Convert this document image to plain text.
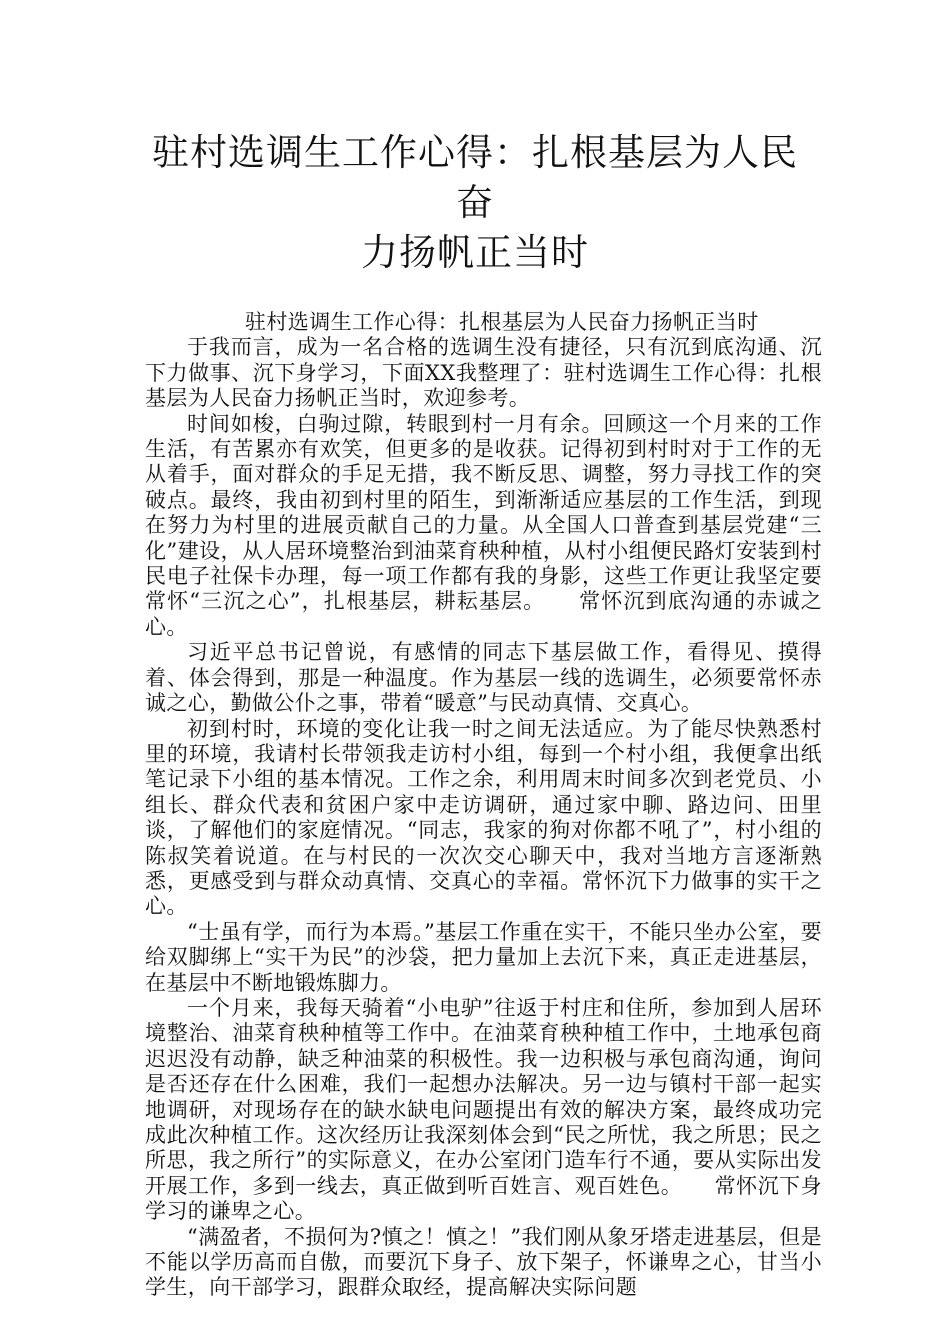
驻村选调生工作心得：扎根基层为人民奋
力扬帆正当时

驻村选调生工作心得：扎根基层为人民奋力扬帆正当时

于我而言，成为一名合格的选调生没有捷径，只有沉到底沟通、沉下力做事、沉下身学习，下面XX我整理了：驻村选调生工作心得：扎根基层为人民奋力扬帆正当时，欢迎参考。

时间如梭，白驹过隙，转眼到村一月有余。回顾这一个月来的工作生活，有苦累亦有欢笑，但更多的是收获。记得初到村时对于工作的无从着手，面对群众的手足无措，我不断反思、调整，努力寻找工作的突破点。最终，我由初到村里的陌生，到渐渐适应基层的工作生活，到现在努力为村里的进展贡献自己的力量。从全国人口普查到基层党建“三化”建设，从人居环境整治到油菜育秧种植，从村小组便民路灯安装到村民电子社保卡办理，每一项工作都有我的身影，这些工作更让我坚定要常怀“三沉之心”，扎根基层，耕耘基层。　　常怀沉到底沟通的赤诚之心。

习近平总书记曾说，有感情的同志下基层做工作，看得见、摸得着、体会得到，那是一种温度。作为基层一线的选调生，必须要常怀赤诚之心，勤做公仆之事，带着“暖意”与民动真情、交真心。

初到村时，环境的变化让我一时之间无法适应。为了能尽快熟悉村里的环境，我请村长带领我走访村小组，每到一个村小组，我便拿出纸笔记录下小组的基本情况。工作之余，利用周末时间多次到老党员、小组长、群众代表和贫困户家中走访调研，通过家中聊、路边问、田里谈，了解他们的家庭情况。“同志，我家的狗对你都不吼了”，村小组的陈叔笑着说道。在与村民的一次次交心聊天中，我对当地方言逐渐熟悉，更感受到与群众动真情、交真心的幸福。常怀沉下力做事的实干之心。

“士虽有学，而行为本焉。”基层工作重在实干，不能只坐办公室，要给双脚绑上“实干为民”的沙袋，把力量加上去沉下来，真正走进基层，在基层中不断地锻炼脚力。

一个月来，我每天骑着“小电驴”往返于村庄和住所，参加到人居环境整治、油菜育秧种植等工作中。在油菜育秧种植工作中，土地承包商迟迟没有动静，缺乏种油菜的积极性。我一边积极与承包商沟通，询问是否还存在什么困难，我们一起想办法解决。另一边与镇村干部一起实地调研，对现场存在的缺水缺电问题提出有效的解决方案，最终成功完成此次种植工作。这次经历让我深刻体会到“民之所忧，我之所思；民之所思，我之所行”的实际意义，在办公室闭门造车行不通，要从实际出发开展工作，多到一线去，真正做到听百姓言、观百姓色。　　常怀沉下身学习的谦卑之心。

“满盈者，不损何为?慎之！慎之！”我们刚从象牙塔走进基层，但是不能以学历高而自傲，而要沉下身子、放下架子，怀谦卑之心，甘当小学生，向干部学习，跟群众取经，提高解决实际问题
